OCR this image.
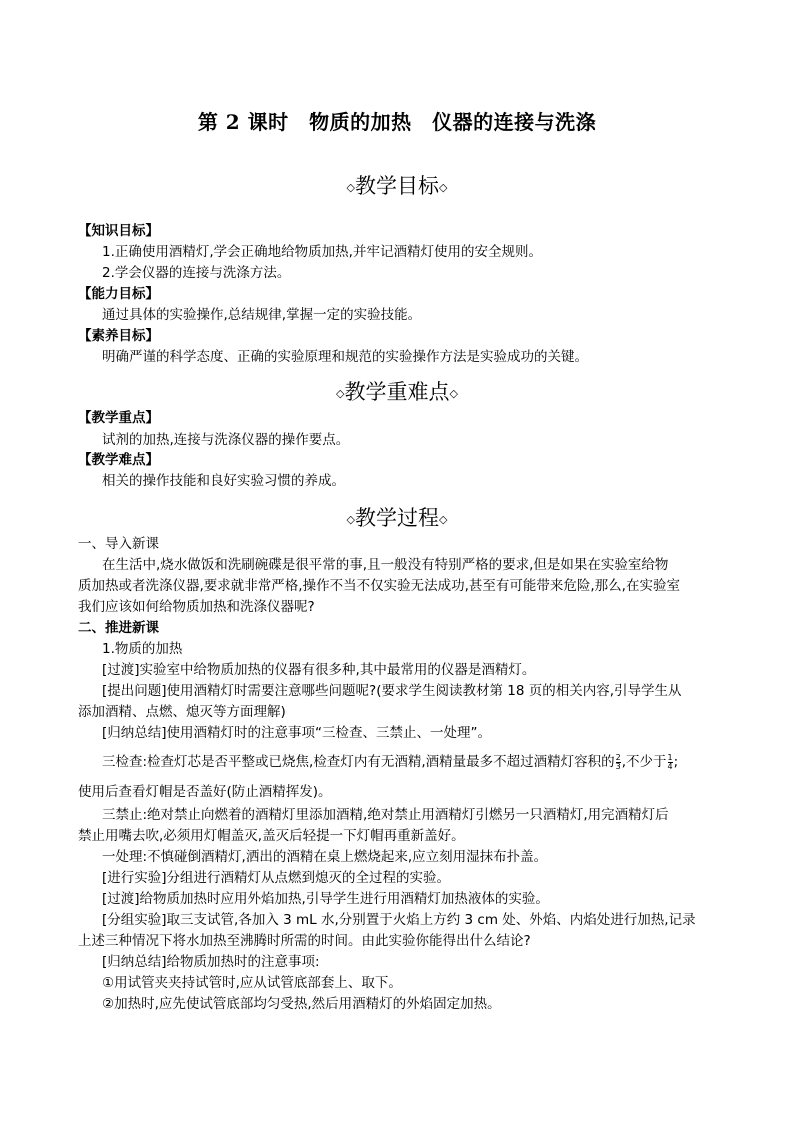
第 2 课时　物质的加热　仪器的连接与洗涤
◇教学目标◇
【知识目标】
1.正确使用酒精灯,学会正确地给物质加热,并牢记酒精灯使用的安全规则。
2.学会仪器的连接与洗涤方法。
【能力目标】
通过具体的实验操作,总结规律,掌握一定的实验技能。
【素养目标】
明确严谨的科学态度、正确的实验原理和规范的实验操作方法是实验成功的关键。
◇教学重难点◇
【教学重点】
试剂的加热,连接与洗涤仪器的操作要点。
【教学难点】
相关的操作技能和良好实验习惯的养成。
◇教学过程◇
一、导入新课
在生活中,烧水做饭和洗刷碗碟是很平常的事,且一般没有特别严格的要求,但是如果在实验室给物
质加热或者洗涤仪器,要求就非常严格,操作不当不仅实验无法成功,甚至有可能带来危险,那么,在实验室
我们应该如何给物质加热和洗涤仪器呢?
二、推进新课
1.物质的加热
[过渡]实验室中给物质加热的仪器有很多种,其中最常用的仪器是酒精灯。
[提出问题]使用酒精灯时需要注意哪些问题呢?(要求学生阅读教材第 18 页的相关内容,引导学生从
添加酒精、点燃、熄灭等方面理解)
[归纳总结]使用酒精灯时的注意事项“三检查、三禁止、一处理”。
三检查:检查灯芯是否平整或已烧焦,检查灯内有无酒精,酒精量最多不超过酒精灯容积的 $\frac{2}{3}$ ,不少于 $\frac{1}{4}$ ;
使用后查看灯帽是否盖好(防止酒精挥发)。
三禁止:绝对禁止向燃着的酒精灯里添加酒精,绝对禁止用酒精灯引燃另一只酒精灯,用完酒精灯后
禁止用嘴去吹,必须用灯帽盖灭,盖灭后轻提一下灯帽再重新盖好。
一处理:不慎碰倒酒精灯,洒出的酒精在桌上燃烧起来,应立刻用湿抹布扑盖。
[进行实验]分组进行酒精灯从点燃到熄灭的全过程的实验。
[过渡]给物质加热时应用外焰加热,引导学生进行用酒精灯加热液体的实验。
[分组实验]取三支试管,各加入 3 mL 水,分别置于火焰上方约 3 cm 处、外焰、内焰处进行加热,记录
上述三种情况下将水加热至沸腾时所需的时间。由此实验你能得出什么结论?
[归纳总结]给物质加热时的注意事项:
①用试管夹夹持试管时,应从试管底部套上、取下。
②加热时,应先使试管底部均匀受热,然后用酒精灯的外焰固定加热。
